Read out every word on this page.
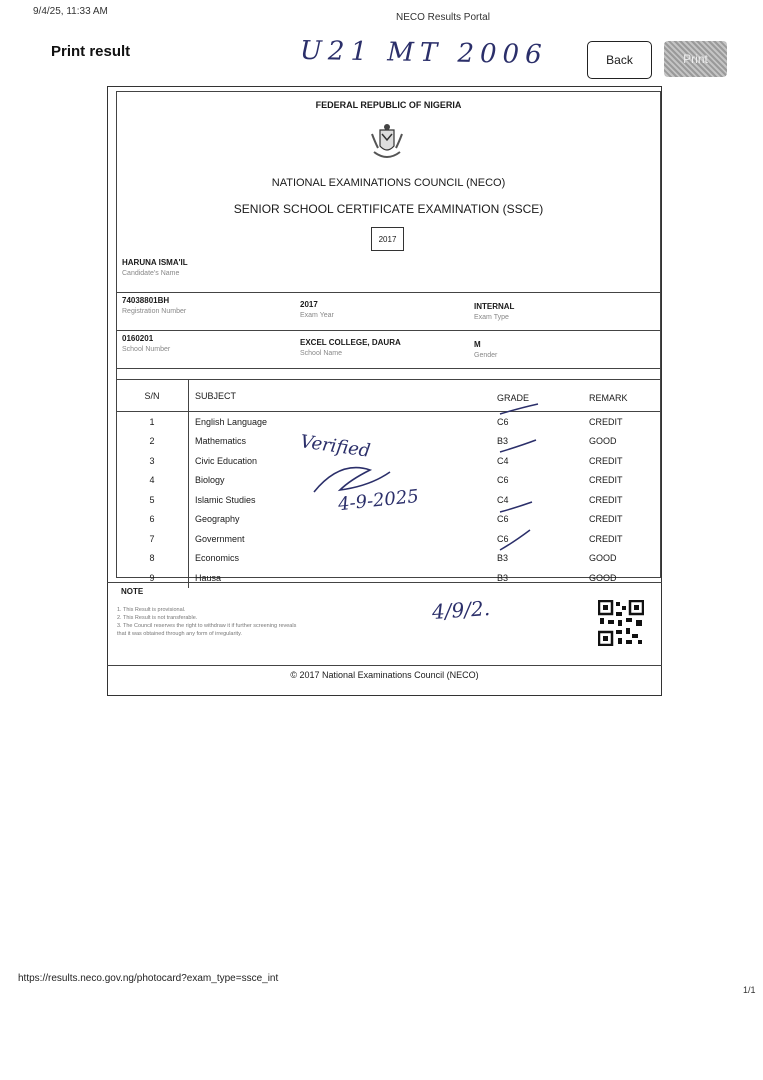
9/4/25, 11:33 AM
NECO Results Portal
Print result	U21 MT 2006	Back	Print
FEDERAL REPUBLIC OF NIGERIA
NATIONAL EXAMINATIONS COUNCIL (NECO)
SENIOR SCHOOL CERTIFICATE EXAMINATION (SSCE)
2017
HARUNA ISMA'IL
Candidate's Name
74038801BH
Registration Number
2017
Exam Year
INTERNAL
Exam Type
0160201
School Number
EXCEL COLLEGE, DAURA
School Name
M
Gender
S/N	SUBJECT	GRADE	REMARK
1	English Language	C6	CREDIT
2	Mathematics	B3	GOOD
3	Civic Education	C4	CREDIT
4	Biology	C6	CREDIT
5	Islamic Studies	C4	CREDIT
6	Geography	C6	CREDIT
7	Government	C6	CREDIT
8	Economics	B3	GOOD
9	Hausa	B3	GOOD
Verified
4-9-2025
NOTE
1. This Result is provisional.
2. This Result is not transferable.
3. The Council reserves the right to withdraw it if further screening reveals
that it was obtained through any form of irregularity.
4/9/2.
© 2017 National Examinations Council (NECO)
https://results.neco.gov.ng/photocard?exam_type=ssce_int
1/1
